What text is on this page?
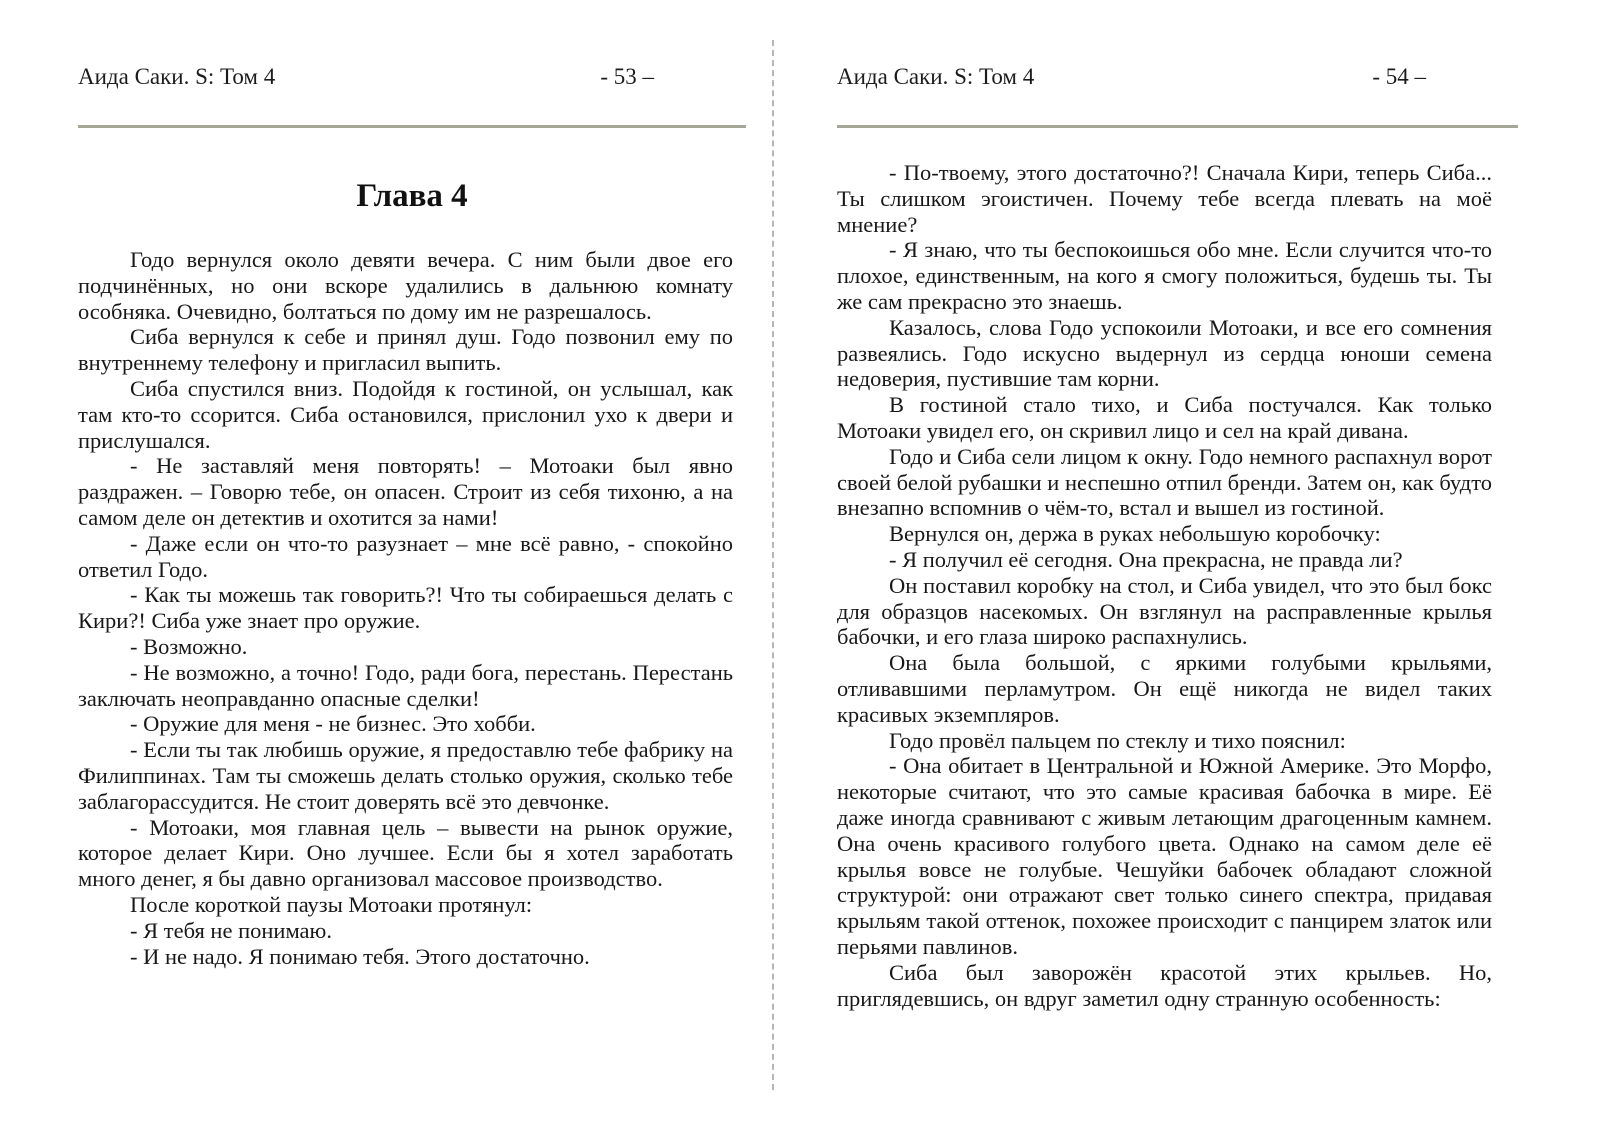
Аида Саки. S: Том 4	- 53 –
Глава 4

Годо вернулся около девяти вечера. С ним были двое его подчинённых, но они вскоре удалились в дальнюю комнату особняка. Очевидно, болтаться по дому им не разрешалось.

Сиба вернулся к себе и принял душ. Годо позвонил ему по внутреннему телефону и пригласил выпить.

Сиба спустился вниз. Подойдя к гостиной, он услышал, как там кто-то ссорится. Сиба остановился, прислонил ухо к двери и прислушался.

- Не заставляй меня повторять! – Мотоаки был явно раздражен. – Говорю тебе, он опасен. Строит из себя тихоню, а на самом деле он детектив и охотится за нами!

- Даже если он что-то разузнает – мне всё равно, - спокойно ответил Годо.

- Как ты можешь так говорить?! Что ты собираешься делать с Кири?! Сиба уже знает про оружие.

- Возможно.

- Не возможно, а точно! Годо, ради бога, перестань. Перестань заключать неоправданно опасные сделки!

- Оружие для меня - не бизнес. Это хобби.

- Если ты так любишь оружие, я предоставлю тебе фабрику на Филиппинах. Там ты сможешь делать столько оружия, сколько тебе заблагорассудится. Не стоит доверять всё это девчонке.

- Мотоаки, моя главная цель – вывести на рынок оружие, которое делает Кири. Оно лучшее. Если бы я хотел заработать много денег, я бы давно организовал массовое производство.

После короткой паузы Мотоаки протянул:

- Я тебя не понимаю.

- И не надо. Я понимаю тебя. Этого достаточно.

Аида Саки. S: Том 4	- 54 –

- По-твоему, этого достаточно?! Сначала Кири, теперь Сиба... Ты слишком эгоистичен. Почему тебе всегда плевать на моё мнение?

- Я знаю, что ты беспокоишься обо мне. Если случится что-то плохое, единственным, на кого я смогу положиться, будешь ты. Ты же сам прекрасно это знаешь.

Казалось, слова Годо успокоили Мотоаки, и все его сомнения развеялись. Годо искусно выдернул из сердца юноши семена недоверия, пустившие там корни.

В гостиной стало тихо, и Сиба постучался. Как только Мотоаки увидел его, он скривил лицо и сел на край дивана.

Годо и Сиба сели лицом к окну. Годо немного распахнул ворот своей белой рубашки и неспешно отпил бренди. Затем он, как будто внезапно вспомнив о чём-то, встал и вышел из гостиной.

Вернулся он, держа в руках небольшую коробочку:

- Я получил её сегодня. Она прекрасна, не правда ли?

Он поставил коробку на стол, и Сиба увидел, что это был бокс для образцов насекомых. Он взглянул на расправленные крылья бабочки, и его глаза широко распахнулись.

Она была большой, с яркими голубыми крыльями, отливавшими перламутром. Он ещё никогда не видел таких красивых экземпляров.

Годо провёл пальцем по стеклу и тихо пояснил:

- Она обитает в Центральной и Южной Америке. Это Морфо, некоторые считают, что это самые красивая бабочка в мире. Её даже иногда сравнивают с живым летающим драгоценным камнем. Она очень красивого голубого цвета. Однако на самом деле её крылья вовсе не голубые. Чешуйки бабочек обладают сложной структурой: они отражают свет только синего спектра, придавая крыльям такой оттенок, похожее происходит с панцирем златок или перьями павлинов.

Сиба был заворожён красотой этих крыльев. Но, приглядевшись, он вдруг заметил одну странную особенность:
